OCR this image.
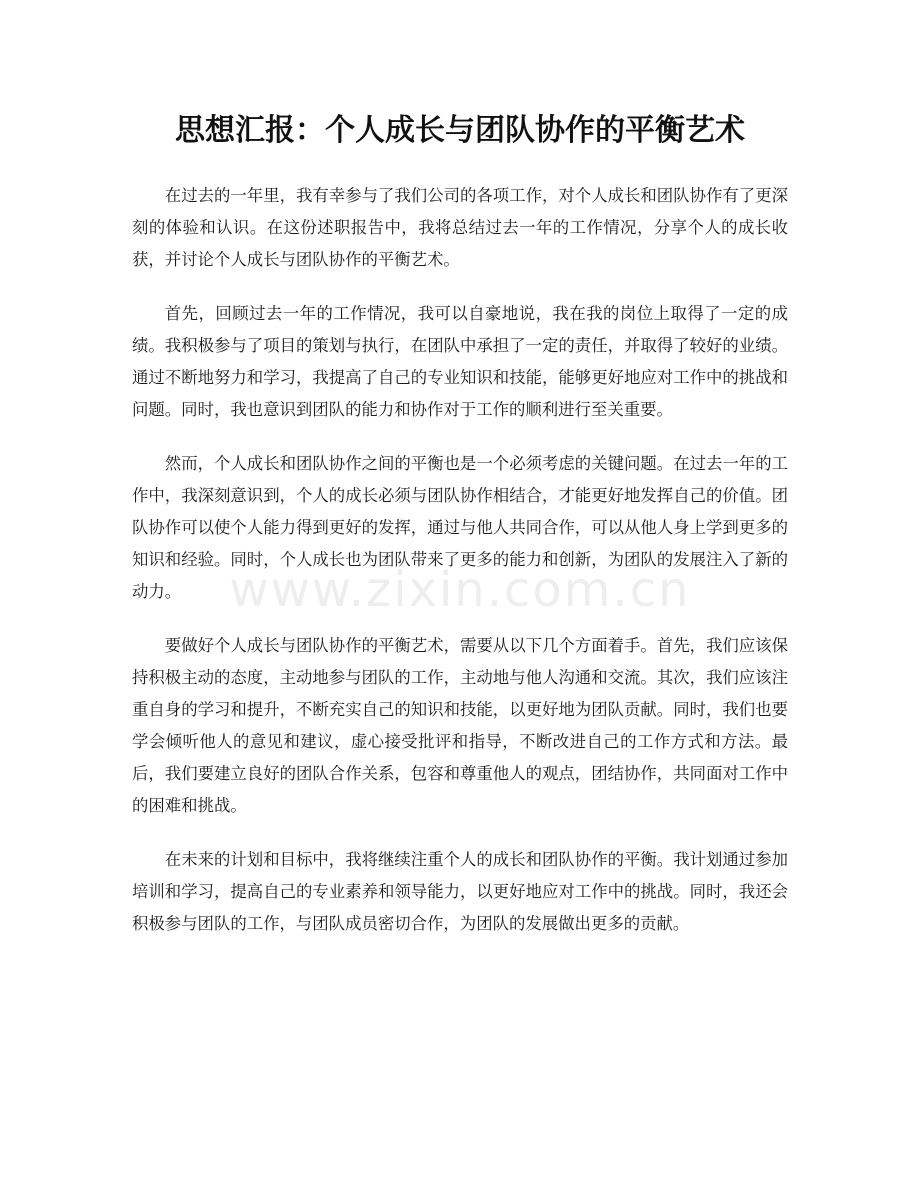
思想汇报：个人成长与团队协作的平衡艺术

在过去的一年里，我有幸参与了我们公司的各项工作，对个人成长和团队协作有了更深刻的体验和认识。在这份述职报告中，我将总结过去一年的工作情况，分享个人的成长收获，并讨论个人成长与团队协作的平衡艺术。

首先，回顾过去一年的工作情况，我可以自豪地说，我在我的岗位上取得了一定的成绩。我积极参与了项目的策划与执行，在团队中承担了一定的责任，并取得了较好的业绩。通过不断地努力和学习，我提高了自己的专业知识和技能，能够更好地应对工作中的挑战和问题。同时，我也意识到团队的能力和协作对于工作的顺利进行至关重要。

然而，个人成长和团队协作之间的平衡也是一个必须考虑的关键问题。在过去一年的工作中，我深刻意识到，个人的成长必须与团队协作相结合，才能更好地发挥自己的价值。团队协作可以使个人能力得到更好的发挥，通过与他人共同合作，可以从他人身上学到更多的知识和经验。同时，个人成长也为团队带来了更多的能力和创新，为团队的发展注入了新的动力。

要做好个人成长与团队协作的平衡艺术，需要从以下几个方面着手。首先，我们应该保持积极主动的态度，主动地参与团队的工作，主动地与他人沟通和交流。其次，我们应该注重自身的学习和提升，不断充实自己的知识和技能，以更好地为团队贡献。同时，我们也要学会倾听他人的意见和建议，虚心接受批评和指导，不断改进自己的工作方式和方法。最后，我们要建立良好的团队合作关系，包容和尊重他人的观点，团结协作，共同面对工作中的困难和挑战。

在未来的计划和目标中，我将继续注重个人的成长和团队协作的平衡。我计划通过参加培训和学习，提高自己的专业素养和领导能力，以更好地应对工作中的挑战。同时，我还会积极参与团队的工作，与团队成员密切合作，为团队的发展做出更多的贡献。

www.zixin.com.cn
